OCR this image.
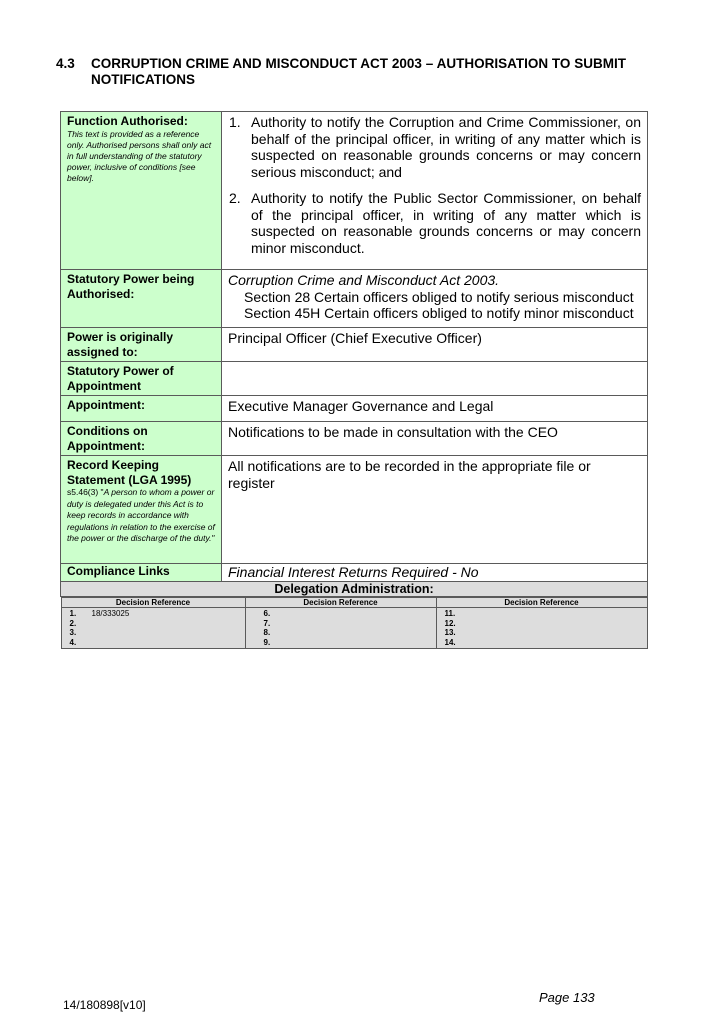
4.3 CORRUPTION CRIME AND MISCONDUCT ACT 2003 – AUTHORISATION TO SUBMIT NOTIFICATIONS
Function Authorised:
This text is provided as a reference only. Authorised persons shall only act in full understanding of the statutory power, inclusive of conditions [see below].

1. Authority to notify the Corruption and Crime Commissioner, on behalf of the principal officer, in writing of any matter which is suspected on reasonable grounds concerns or may concern serious misconduct; and
2. Authority to notify the Public Sector Commissioner, on behalf of the principal officer, in writing of any matter which is suspected on reasonable grounds concerns or may concern minor misconduct.

Statutory Power being Authorised:	
Corruption Crime and Misconduct Act 2003.
Section 28 Certain officers obliged to notify serious misconduct
Section 45H Certain officers obliged to notify minor misconduct

Power is originally assigned to:	Principal Officer (Chief Executive Officer)
Statutory Power of Appointment	
Appointment:	Executive Manager Governance and Legal
Conditions on Appointment:	Notifications to be made in consultation with the CEO
Record Keeping Statement (LGA 1995)
s5.46(3) "A person to whom a power or duty is delegated under this Act is to keep records in accordance with regulations in relation to the exercise of the power or the discharge of the duty."
	All notifications are to be recorded in the appropriate file or register
Compliance Links	Financial Interest Returns Required - No
Delegation Administration:

Decision Reference	Decision Reference	Decision Reference

1. 18/333025
2.
3.
4.

6.
7.
8.
9.

11.
12.
13.
14.
14/180898[v10]	Page 133
